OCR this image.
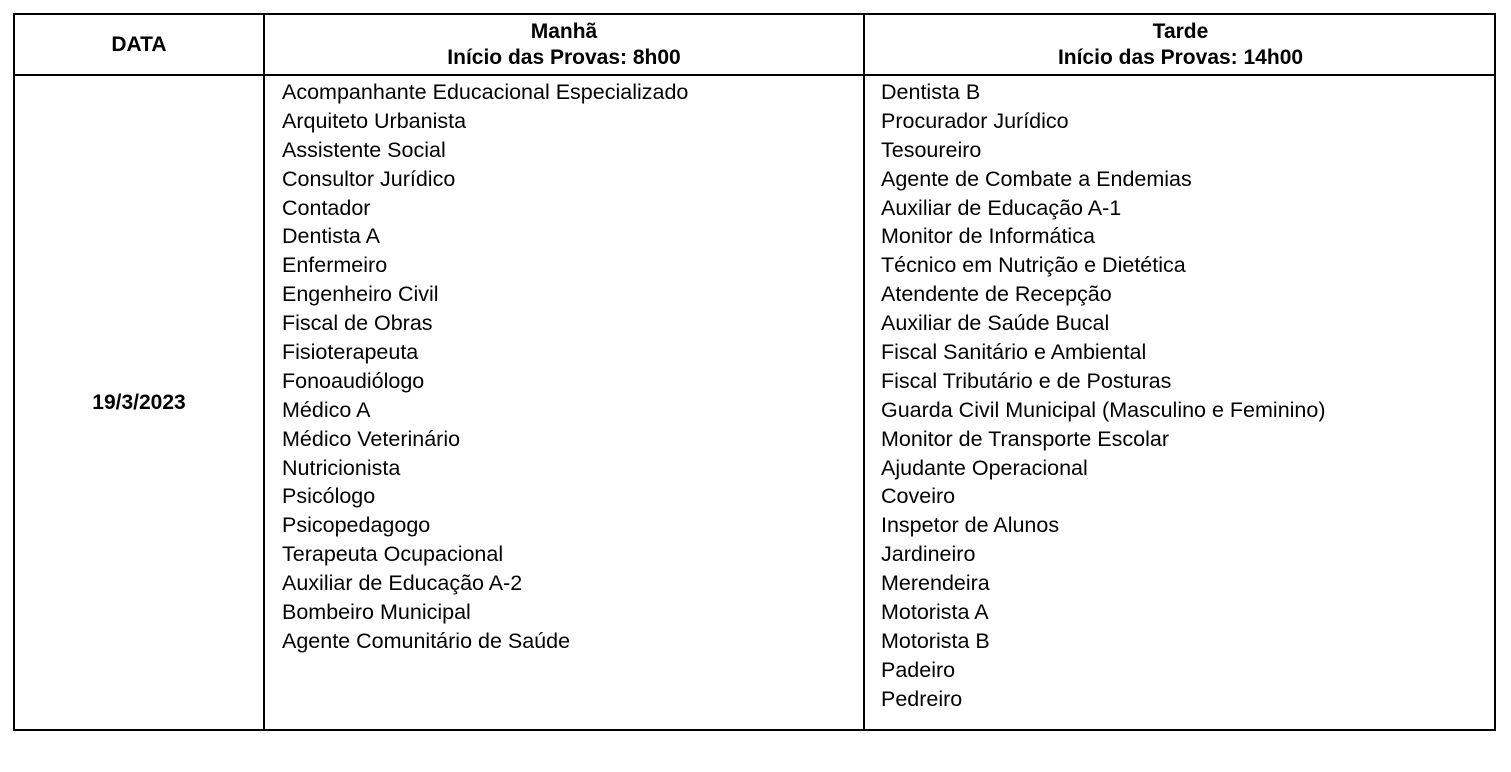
DATA
Manhã
Início das Provas: 8h00
Tarde
Início das Provas: 14h00
19/3/2023
Acompanhante Educacional Especializado
Arquiteto Urbanista
Assistente Social
Consultor Jurídico
Contador
Dentista A
Enfermeiro
Engenheiro Civil
Fiscal de Obras
Fisioterapeuta
Fonoaudiólogo
Médico A
Médico Veterinário
Nutricionista
Psicólogo
Psicopedagogo
Terapeuta Ocupacional
Auxiliar de Educação A-2
Bombeiro Municipal
Agente Comunitário de Saúde
Dentista B
Procurador Jurídico
Tesoureiro
Agente de Combate a Endemias
Auxiliar de Educação A-1
Monitor de Informática
Técnico em Nutrição e Dietética
Atendente de Recepção
Auxiliar de Saúde Bucal
Fiscal Sanitário e Ambiental
Fiscal Tributário e de Posturas
Guarda Civil Municipal (Masculino e Feminino)
Monitor de Transporte Escolar
Ajudante Operacional
Coveiro
Inspetor de Alunos
Jardineiro
Merendeira
Motorista A
Motorista B
Padeiro
Pedreiro
